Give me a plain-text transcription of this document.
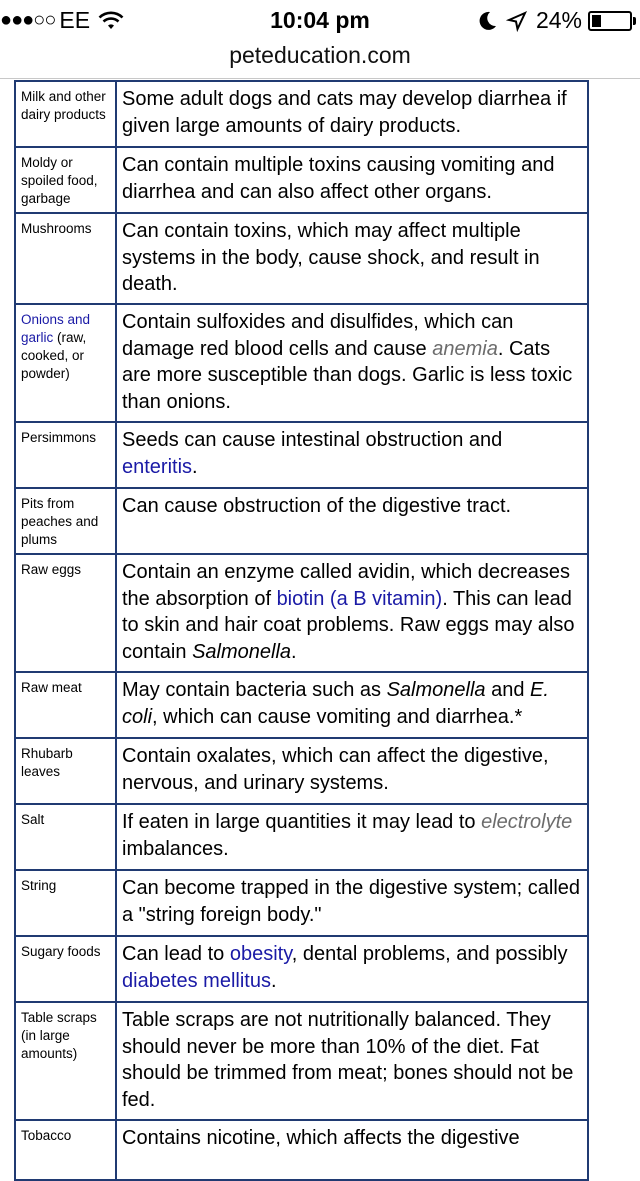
●●●○○ EE	10:04 pm	24%
peteducation.com
Milk and other dairy products	Some adult dogs and cats may develop diarrhea if given large amounts of dairy products.
Moldy or spoiled food, garbage	Can contain multiple toxins causing vomiting and diarrhea and can also affect other organs.
Mushrooms	Can contain toxins, which may affect multiple systems in the body, cause shock, and result in death.
Onions and garlic (raw, cooked, or powder)	Contain sulfoxides and disulfides, which can damage red blood cells and cause anemia. Cats are more susceptible than dogs. Garlic is less toxic than onions.
Persimmons	Seeds can cause intestinal obstruction and enteritis.
Pits from peaches and plums	Can cause obstruction of the digestive tract.
Raw eggs	Contain an enzyme called avidin, which decreases the absorption of biotin (a B vitamin). This can lead to skin and hair coat problems. Raw eggs may also contain Salmonella.
Raw meat	May contain bacteria such as Salmonella and E. coli, which can cause vomiting and diarrhea.*
Rhubarb leaves	Contain oxalates, which can affect the digestive, nervous, and urinary systems.
Salt	If eaten in large quantities it may lead to electrolyte imbalances.
String	Can become trapped in the digestive system; called a "string foreign body."
Sugary foods	Can lead to obesity, dental problems, and possibly diabetes mellitus.
Table scraps (in large amounts)	Table scraps are not nutritionally balanced. They should never be more than 10% of the diet. Fat should be trimmed from meat; bones should not be fed.
Tobacco	Contains nicotine, which affects the digestive
